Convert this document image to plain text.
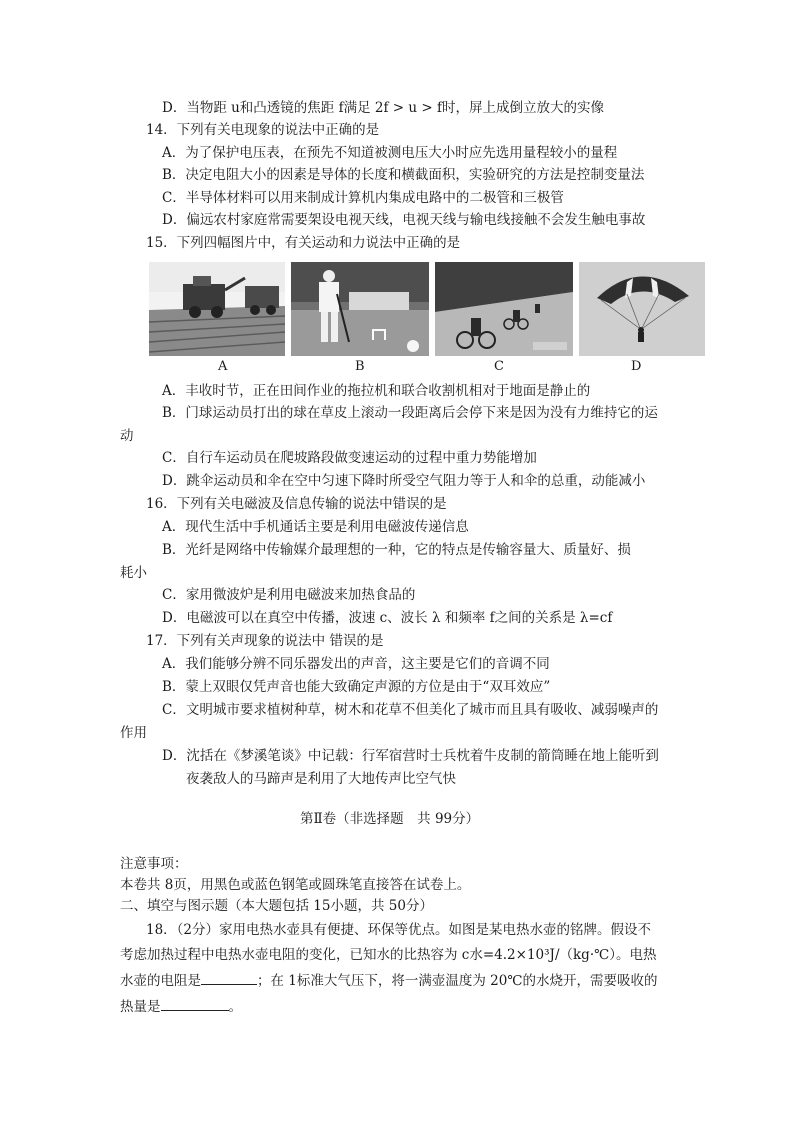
D．当物距 u和凸透镜的焦距 f满足 2f > u > f时，屏上成倒立放大的实像
14．下列有关电现象的说法中正确的是
A．为了保护电压表，在预先不知道被测电压大小时应先选用量程较小的量程
B．决定电阻大小的因素是导体的长度和横截面积，实验研究的方法是控制变量法
C．半导体材料可以用来制成计算机内集成电路中的二极管和三极管
D．偏远农村家庭常需要架设电视天线，电视天线与输电线接触不会发生触电事故
15．下列四幅图片中，有关运动和力说法中正确的是
A	B	C	D
A．丰收时节，正在田间作业的拖拉机和联合收割机相对于地面是静止的
B．门球运动员打出的球在草皮上滚动一段距离后会停下来是因为没有力维持它的运
动
C．自行车运动员在爬坡路段做变速运动的过程中重力势能增加
D．跳伞运动员和伞在空中匀速下降时所受空气阻力等于人和伞的总重，动能减小
16．下列有关电磁波及信息传输的说法中错误的是
A．现代生活中手机通话主要是利用电磁波传递信息
B．光纤是网络中传输媒介最理想的一种，它的特点是传输容量大、质量好、损
耗小
C．家用微波炉是利用电磁波来加热食品的
D．电磁波可以在真空中传播，波速 c、波长 λ 和频率 f之间的关系是 λ=cf
17．下列有关声现象的说法中 错误的是
A．我们能够分辨不同乐器发出的声音，这主要是它们的音调不同
B．蒙上双眼仅凭声音也能大致确定声源的方位是由于“双耳效应”
C．文明城市要求植树种草，树木和花草不但美化了城市而且具有吸收、减弱噪声的
作用
D．沈括在《梦溪笔谈》中记载：行军宿营时士兵枕着牛皮制的箭筒睡在地上能听到
夜袭敌人的马蹄声是利用了大地传声比空气快
第Ⅱ卷（非选择题　共 99分）
注意事项：
本卷共 8页，用黑色或蓝色钢笔或圆珠笔直接答在试卷上。
二、填空与图示题（本大题包括 15小题，共 50分）
18．（2分）家用电热水壶具有便捷、环保等优点。如图是某电热水壶的铭牌。假设不
考虑加热过程中电热水壶电阻的变化，已知水的比热容为 c水=4.2×10³J/（kg·℃）。电热
水壶的电阻是	；在 1标准大气压下，将一满壶温度为 20℃的水烧开，需要吸收的
热量是	。
